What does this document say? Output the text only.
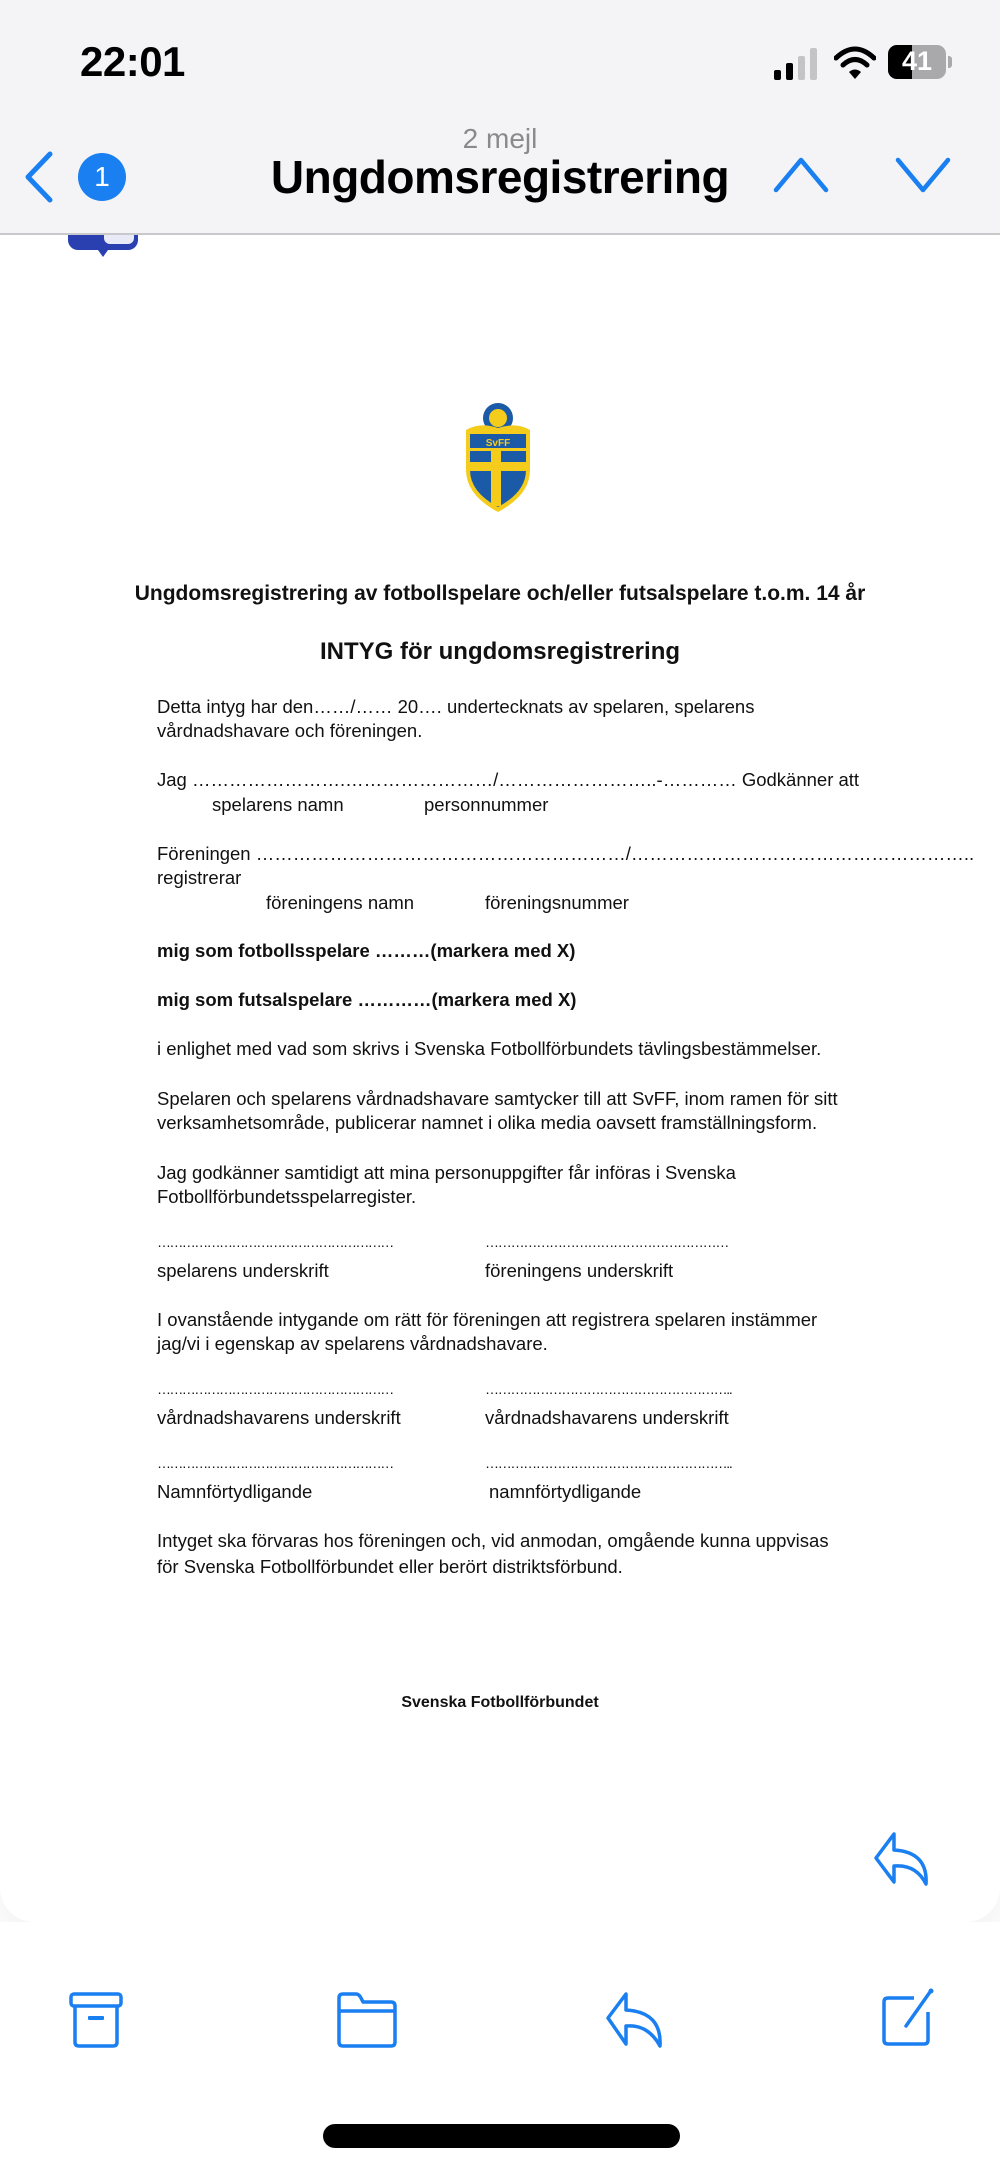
SvFF
Ungdomsregistrering av fotbollspelare och/eller futsalspelare t.o.m. 14 år
INTYG för ungdomsregistrering
Detta intyg har den……/…… 20…. undertecknats av spelaren, spelarens
vårdnadshavare och föreningen.
Jag …………………….……………………/……………………..-………… Godkänner att
spelarens namn	personnummer
Föreningen ……………………………………………………/………………………………………………..
registrerar
föreningens namn	föreningsnummer
mig som fotbollsspelare ………(markera med X)
mig som futsalspelare …………(markera med X)
i enlighet med vad som skrivs i Svenska Fotbollförbundets tävlingsbestämmelser.
Spelaren och spelarens vårdnadshavare samtycker till att SvFF, inom ramen för sitt
verksamhetsområde, publicerar namnet i olika media oavsett framställningsform.
Jag godkänner samtidigt att mina personuppgifter får införas i Svenska
Fotbollförbundetsspelarregister.
…………………………………………………	…………………………………………………
spelarens underskrift	föreningens underskrift
I ovanstående intygande om rätt för föreningen att registrera spelaren instämmer
jag/vi i egenskap av spelarens vårdnadshavare.
…………………………………………………	…………………………………………………..
vårdnadshavarens underskrift	vårdnadshavarens underskrift
…………………………………………………	…………………………………………………..
Namnförtydligande	namnförtydligande
Intyget ska förvaras hos föreningen och, vid anmodan, omgående kunna uppvisas
för Svenska Fotbollförbundet eller berört distriktsförbund.
Svenska Fotbollförbundet
22:01	41
1
2 mejl
Ungdomsregistrering
